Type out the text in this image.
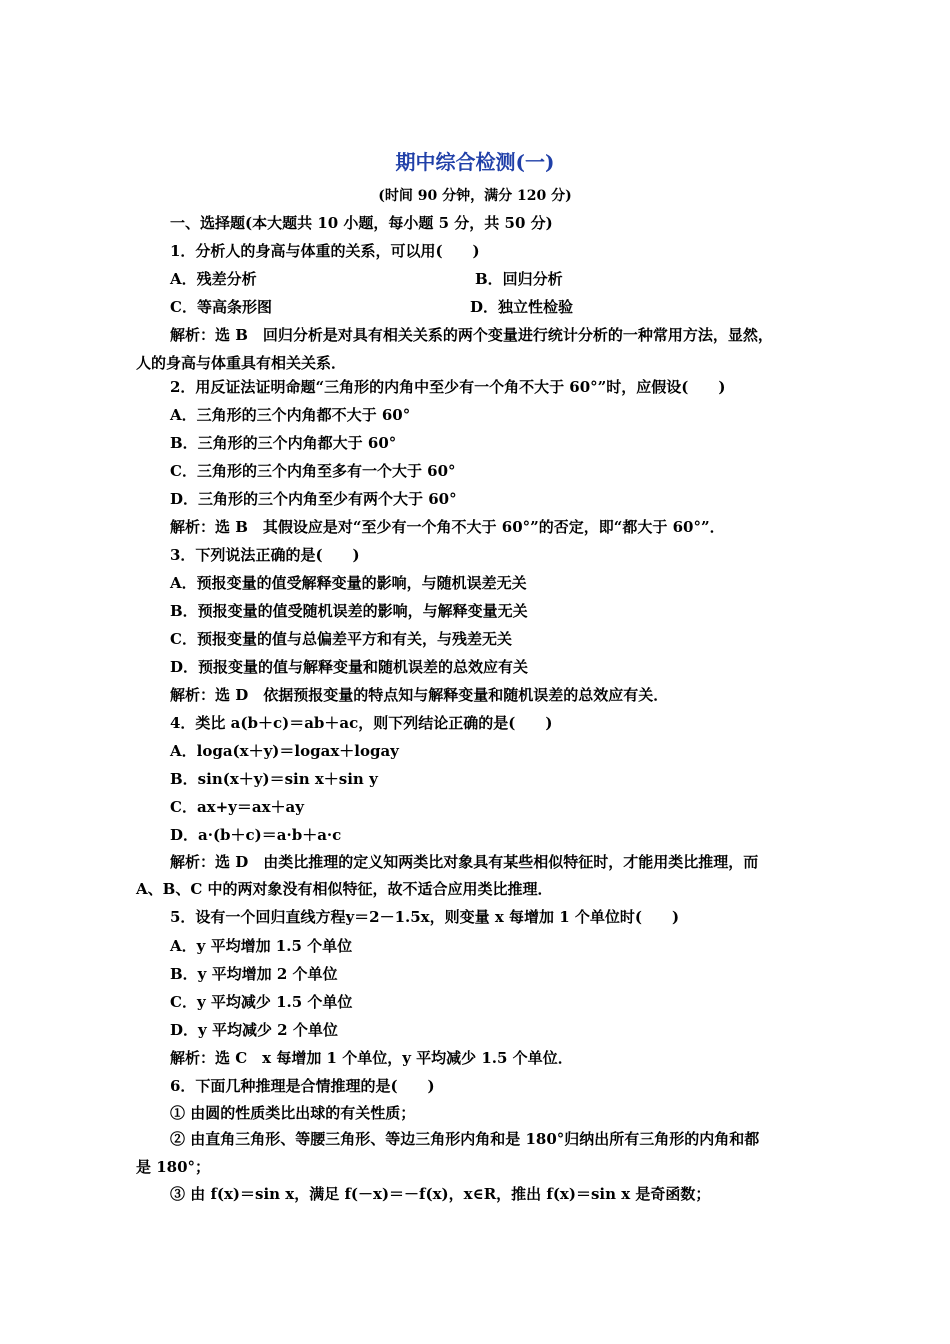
期中综合检测(一)
(时间 90 分钟，满分 120 分)
一、选择题(本大题共 10 小题，每小题 5 分，共 50 分)
1．分析人的身高与体重的关系，可以用(　　)
A．残差分析	B．回归分析
C．等高条形图	D．独立性检验
解析：选 B　回归分析是对具有相关关系的两个变量进行统计分析的一种常用方法，显然，
人的身高与体重具有相关关系．
2．用反证法证明命题“三角形的内角中至少有一个角不大于 60°”时，应假设(　　)
A．三角形的三个内角都不大于 60°
B．三角形的三个内角都大于 60°
C．三角形的三个内角至多有一个大于 60°
D．三角形的三个内角至少有两个大于 60°
解析：选 B　其假设应是对“至少有一个角不大于 60°”的否定，即“都大于 60°”．
3．下列说法正确的是(　　)
A．预报变量的值受解释变量的影响，与随机误差无关
B．预报变量的值受随机误差的影响，与解释变量无关
C．预报变量的值与总偏差平方和有关，与残差无关
D．预报变量的值与解释变量和随机误差的总效应有关
解析：选 D　依据预报变量的特点知与解释变量和随机误差的总效应有关．
4．类比 a(b＋c)＝ab＋ac，则下列结论正确的是(　　)
A．loga(x＋y)＝logax＋logay
B．sin(x＋y)＝sin x＋sin y
C．ax+y＝ax＋ay
D．a·(b＋c)＝a·b＋a·c
解析：选 D　由类比推理的定义知两类比对象具有某些相似特征时，才能用类比推理，而
A、B、C 中的两对象没有相似特征，故不适合应用类比推理．
5．设有一个回归直线方程y＝2－1.5x，则变量 x 每增加 1 个单位时(　　)
A．y 平均增加 1.5 个单位
B．y 平均增加 2 个单位
C．y 平均减少 1.5 个单位
D．y 平均减少 2 个单位
解析：选 C　x 每增加 1 个单位，y 平均减少 1.5 个单位．
6．下面几种推理是合情推理的是(　　)
① 由圆的性质类比出球的有关性质；
② 由直角三角形、等腰三角形、等边三角形内角和是 180°归纳出所有三角形的内角和都
是 180°；
③ 由 f(x)＝sin x，满足 f(－x)＝－f(x)，x∈R，推出 f(x)＝sin x 是奇函数；
